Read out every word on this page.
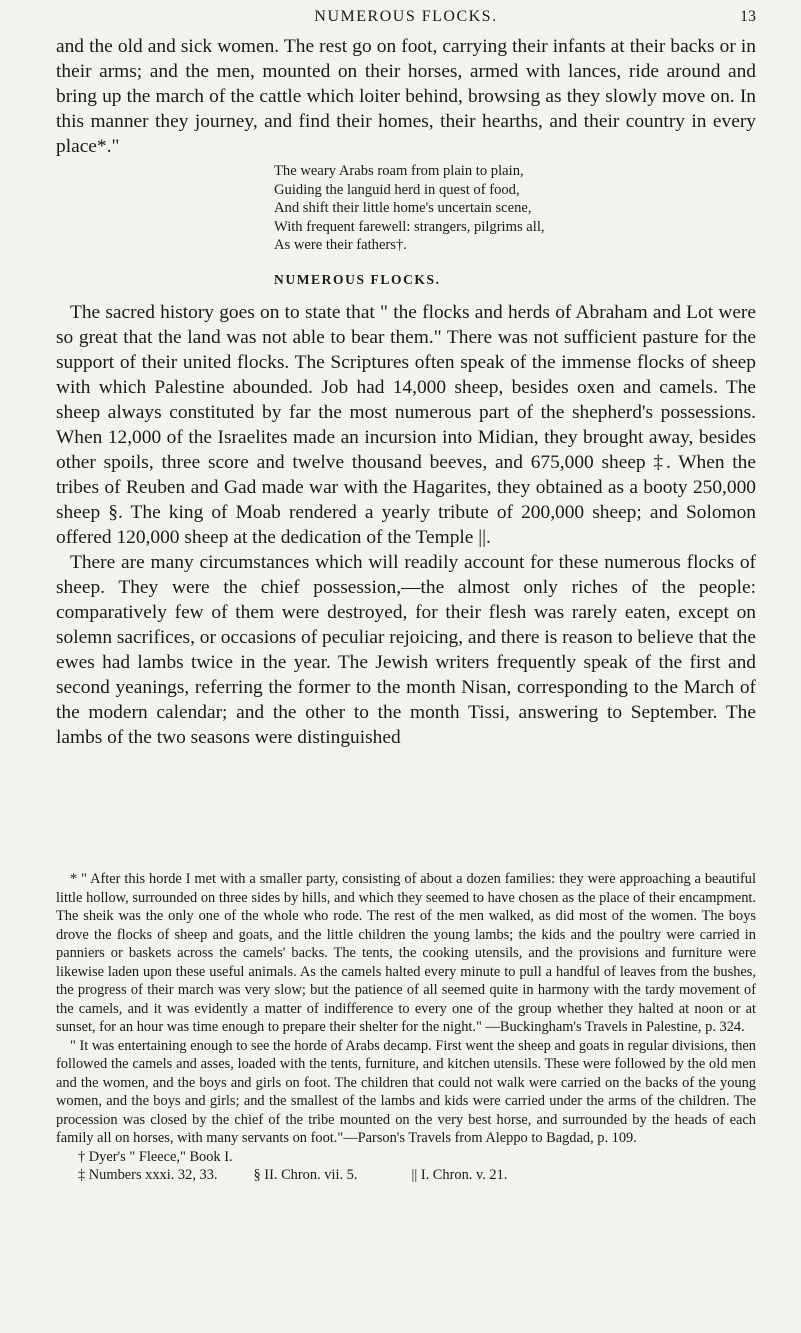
NUMEROUS FLOCKS.	13

and the old and sick women. The rest go on foot, carrying their infants at their backs or in their arms; and the men, mounted on their horses, armed with lances, ride around and bring up the march of the cattle which loiter behind, browsing as they slowly move on. In this manner they journey, and find their homes, their hearths, and their country in every place*."

The weary Arabs roam from plain to plain,
Guiding the languid herd in quest of food,
And shift their little home's uncertain scene,
With frequent farewell: strangers, pilgrims all,
As were their fathers†.
NUMEROUS FLOCKS.

The sacred history goes on to state that " the flocks and herds of Abraham and Lot were so great that the land was not able to bear them." There was not sufficient pasture for the support of their united flocks. The Scriptures often speak of the immense flocks of sheep with which Palestine abounded. Job had 14,000 sheep, besides oxen and camels. The sheep always constituted by far the most numerous part of the shepherd's possessions. When 12,000 of the Israelites made an incursion into Midian, they brought away, besides other spoils, three score and twelve thousand beeves, and 675,000 sheep ‡. When the tribes of Reuben and Gad made war with the Hagarites, they obtained as a booty 250,000 sheep §. The king of Moab rendered a yearly tribute of 200,000 sheep; and Solomon offered 120,000 sheep at the dedication of the Temple ||.

There are many circumstances which will readily account for these numerous flocks of sheep. They were the chief possession,—the almost only riches of the people: comparatively few of them were destroyed, for their flesh was rarely eaten, except on solemn sacrifices, or occasions of peculiar rejoicing, and there is reason to believe that the ewes had lambs twice in the year. The Jewish writers frequently speak of the first and second yeanings, referring the former to the month Nisan, corresponding to the March of the modern calendar; and the other to the month Tissi, answering to September. The lambs of the two seasons were distinguished

* " After this horde I met with a smaller party, consisting of about a dozen families: they were approaching a beautiful little hollow, surrounded on three sides by hills, and which they seemed to have chosen as the place of their encampment. The sheik was the only one of the whole who rode. The rest of the men walked, as did most of the women. The boys drove the flocks of sheep and goats, and the little children the young lambs; the kids and the poultry were carried in panniers or baskets across the camels' backs. The tents, the cooking utensils, and the provisions and furniture were likewise laden upon these useful animals. As the camels halted every minute to pull a handful of leaves from the bushes, the progress of their march was very slow; but the patience of all seemed quite in harmony with the tardy movement of the camels, and it was evidently a matter of indifference to every one of the group whether they halted at noon or at sunset, for an hour was time enough to prepare their shelter for the night." —Buckingham's Travels in Palestine, p. 324.

" It was entertaining enough to see the horde of Arabs decamp. First went the sheep and goats in regular divisions, then followed the camels and asses, loaded with the tents, furniture, and kitchen utensils. These were followed by the old men and the women, and the boys and girls on foot. The children that could not walk were carried on the backs of the young women, and the boys and girls; and the smallest of the lambs and kids were carried under the arms of the children. The procession was closed by the chief of the tribe mounted on the very best horse, and surrounded by the heads of each family all on horses, with many servants on foot."—Parson's Travels from Aleppo to Bagdad, p. 109.

† Dyer's " Fleece," Book I.
‡ Numbers xxxi. 32, 33.	§ II. Chron. vii. 5.	|| I. Chron. v. 21.
